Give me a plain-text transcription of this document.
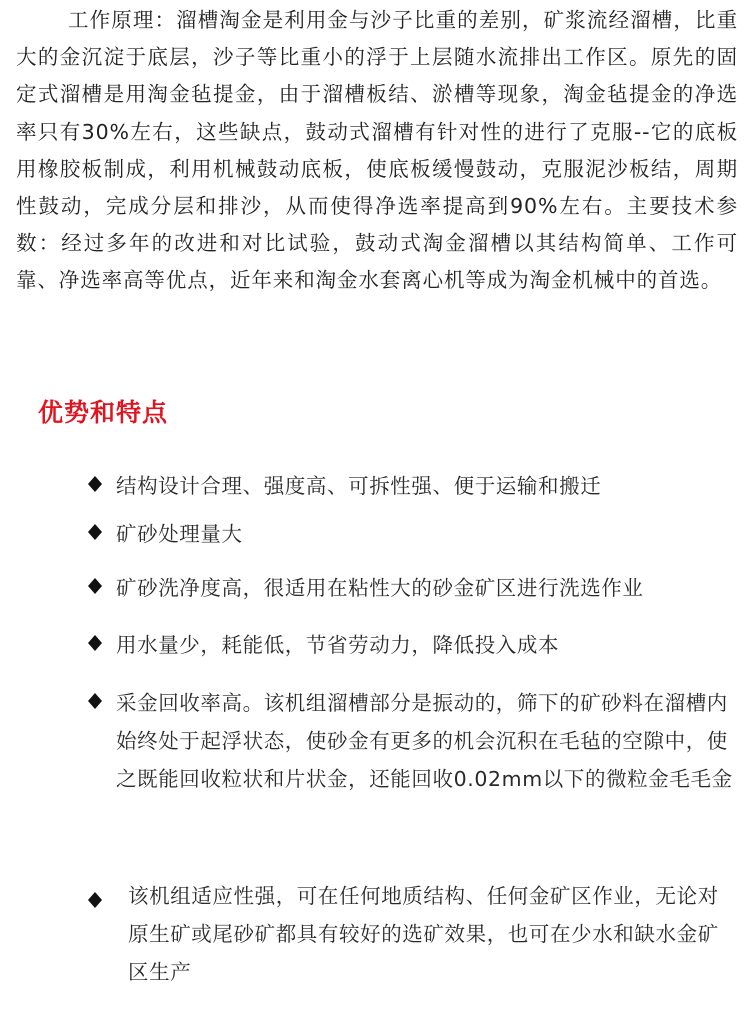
工作原理：溜槽淘金是利用金与沙子比重的差别，矿浆流经溜槽，比重大的金沉淀于底层，沙子等比重小的浮于上层随水流排出工作区。原先的固定式溜槽是用淘金毡提金，由于溜槽板结、淤槽等现象，淘金毡提金的净选率只有30%左右，这些缺点，鼓动式溜槽有针对性的进行了克服--它的底板用橡胶板制成，利用机械鼓动底板，使底板缓慢鼓动，克服泥沙板结，周期性鼓动，完成分层和排沙，从而使得净选率提高到90%左右。主要技术参数：经过多年的改进和对比试验，鼓动式淘金溜槽以其结构简单、工作可靠、净选率高等优点，近年来和淘金水套离心机等成为淘金机械中的首选。

优势和特点
结构设计合理、强度高、可拆性强、便于运输和搬迁
矿砂处理量大
矿砂洗净度高，很适用在粘性大的砂金矿区进行洗选作业
用水量少，耗能低，节省劳动力，降低投入成本
采金回收率高。该机组溜槽部分是振动的，筛下的矿砂料在溜槽内始终处于起浮状态，使砂金有更多的机会沉积在毛毡的空隙中，使之既能回收粒状和片状金，还能回收0.02mm以下的微粒金毛毛金
该机组适应性强，可在任何地质结构、任何金矿区作业，无论对原生矿或尾砂矿都具有较好的选矿效果，也可在少水和缺水金矿区生产
